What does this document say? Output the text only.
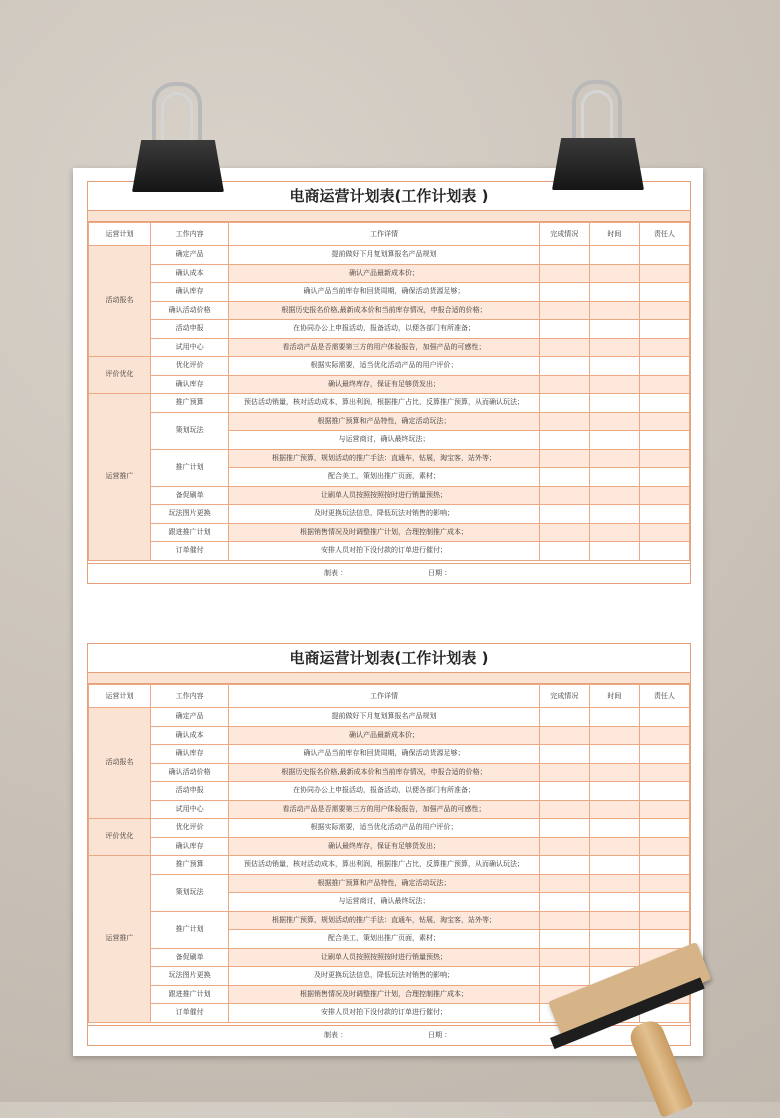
电商运营计划表(工作计划表 )
运营计划	工作内容	工作详情	完成情况	时间	责任人
活动报名	确定产品	提前做好下月复划算报名产品规划			
	确认成本	确认产品最新成本价；			
	确认库存	确认产品当前库存和回货周期，确保活动货源足够；			
	确认活动价格	根据历史报名价格,最新成本价和当前库存情况，申报合适的价格；			
	活动申报	在协同办公上申报活动，报备活动，以便各部门有所准备；			
	试用中心	看活动产品是否需要第三方的用户体验报告，加强产品的可感性；			
评价优化	优化评价	根据实际需要，适当优化活动产品的用户评价；			
	确认库存	确认最终库存，保证有足够货发出；			
运营推广	推广预算	预估活动销量，核对活动成本，算出利润，根据推广占比，反算推广预算，从而确认玩法；			
	策划玩法	根据推广预算和产品特性，确定活动玩法；			
		与运营商讨，确认最终玩法；			
	推广计划	根据推广预算，规划活动的推广手法：直通车，钻展，淘宝客，站外等；			
		配合美工，策划出推广页面，素材；			
	备促刷单	让刷单人员按照按照按时进行销量预热；			
	玩法图片更换	及时更换玩法信息，降低玩法对销售的影响；			
	跟进推广计划	根据销售情况及时调整推广计划，合理控制推广成本；			
	订单催付	安排人员对拍下没付款的订单进行催付；			
制表 ：	日期 ：
电商运营计划表(工作计划表 )
运营计划	工作内容	工作详情	完成情况	时间	责任人
活动报名	确定产品	提前做好下月复划算报名产品规划			
	确认成本	确认产品最新成本价；			
	确认库存	确认产品当前库存和回货周期，确保活动货源足够；			
	确认活动价格	根据历史报名价格,最新成本价和当前库存情况，申报合适的价格；			
	活动申报	在协同办公上申报活动，报备活动，以便各部门有所准备；			
	试用中心	看活动产品是否需要第三方的用户体验报告，加强产品的可感性；			
评价优化	优化评价	根据实际需要，适当优化活动产品的用户评价；			
	确认库存	确认最终库存，保证有足够货发出；			
运营推广	推广预算	预估活动销量，核对活动成本，算出利润，根据推广占比，反算推广预算，从而确认玩法；			
	策划玩法	根据推广预算和产品特性，确定活动玩法；			
		与运营商讨，确认最终玩法；			
	推广计划	根据推广预算，规划活动的推广手法：直通车，钻展，淘宝客，站外等；			
		配合美工，策划出推广页面，素材；			
	备促刷单	让刷单人员按照按照按时进行销量预热；			
	玩法图片更换	及时更换玩法信息，降低玩法对销售的影响；			
	跟进推广计划	根据销售情况及时调整推广计划，合理控制推广成本；			
	订单催付	安排人员对拍下没付款的订单进行催付；			
制表 ：	日期 ：
